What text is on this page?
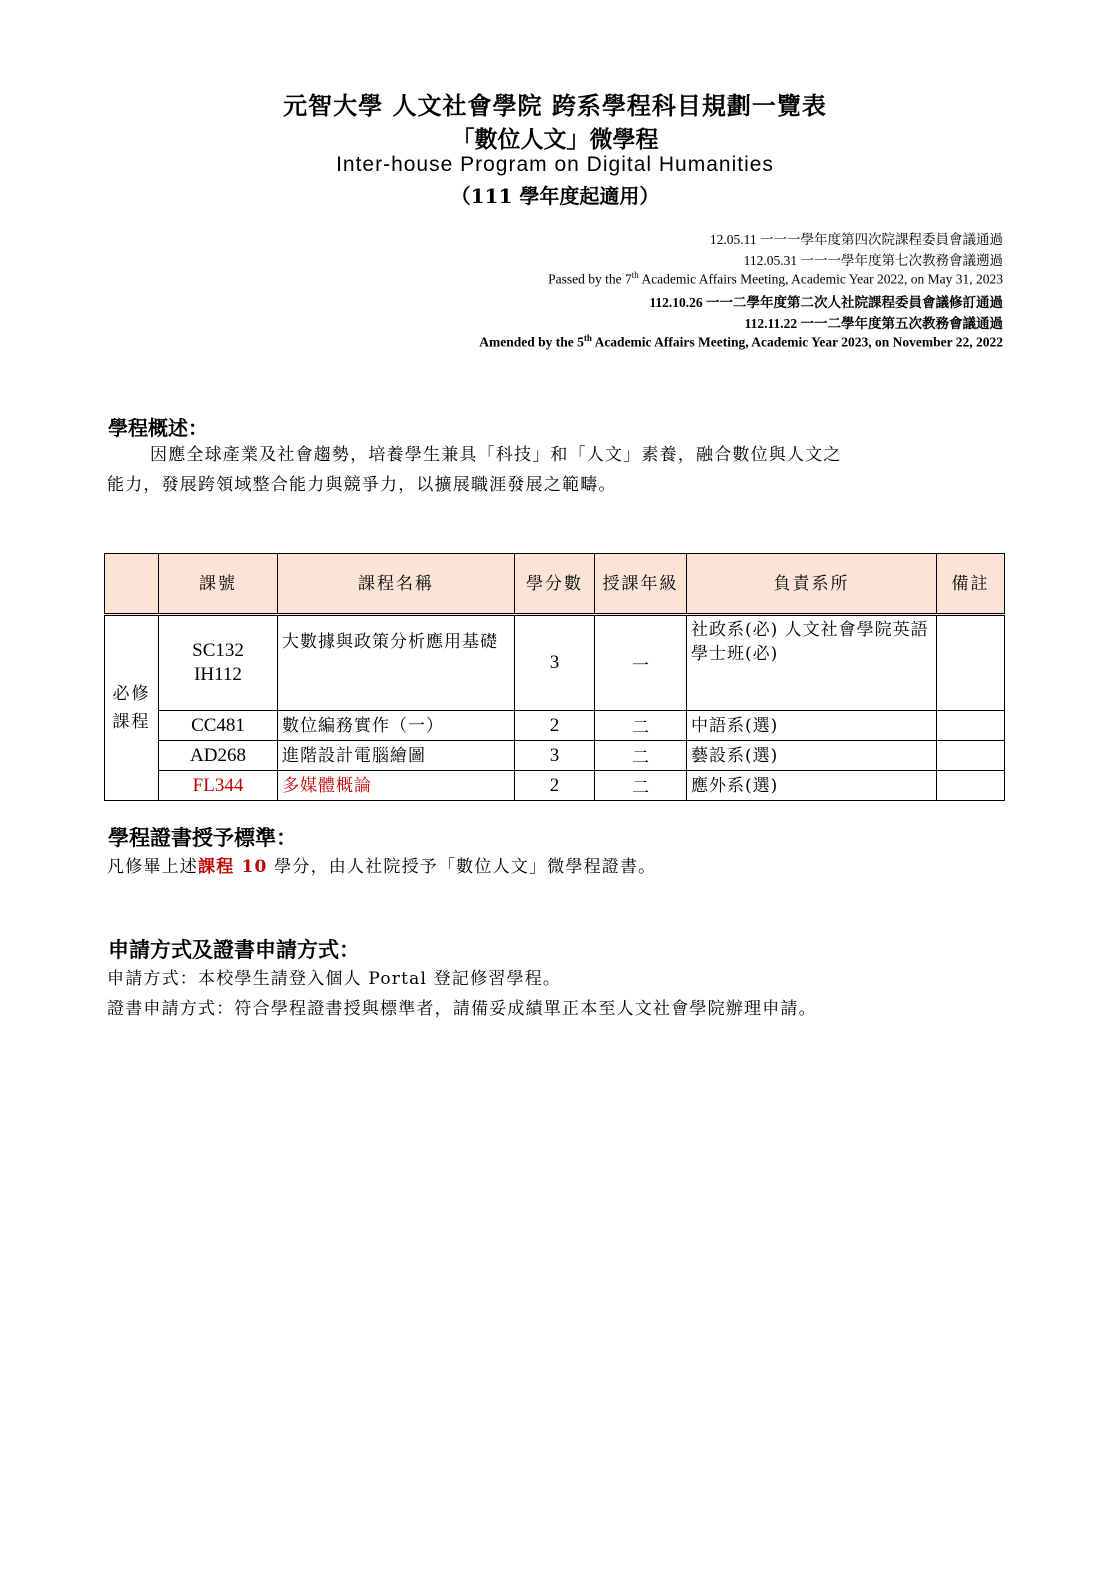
元智大學 人文社會學院 跨系學程科目規劃一覽表
「數位人文」微學程
Inter-house Program on Digital Humanities
（111 學年度起適用）
12.05.11 一一一學年度第四次院課程委員會議通過
112.05.31 一一一學年度第七次教務會議遡過
Passed by the 7th Academic Affairs Meeting, Academic Year 2022, on May 31, 2023
112.10.26 一一二學年度第二次人社院課程委員會議修訂通過
112.11.22 一一二學年度第五次教務會議通過
Amended by the 5th Academic Affairs Meeting, Academic Year 2023, on November 22, 2022
學程概述：
因應全球產業及社會趨勢，培養學生兼具「科技」和「人文」素養，融合數位與人文之
能力，發展跨領域整合能力與競爭力，以擴展職涯發展之範疇。
	課號	課程名稱	學分數	授課年級	負責系所	備註

必修課程	SC132 IH112	大數據與政策分析應用基礎	3	一	社政系(必) 人文社會學院英語學士班(必)	
	CC481	數位編務實作（一）	2	二	中語系(選)	
	AD268	進階設計電腦繪圖	3	二	藝設系(選)	
	FL344	多媒體概論	2	二	應外系(選)	
學程證書授予標準：
凡修畢上述課程 10 學分，由人社院授予「數位人文」微學程證書。
申請方式及證書申請方式：
申請方式：本校學生請登入個人 Portal 登記修習學程。
證書申請方式：符合學程證書授與標準者，請備妥成績單正本至人文社會學院辦理申請。
